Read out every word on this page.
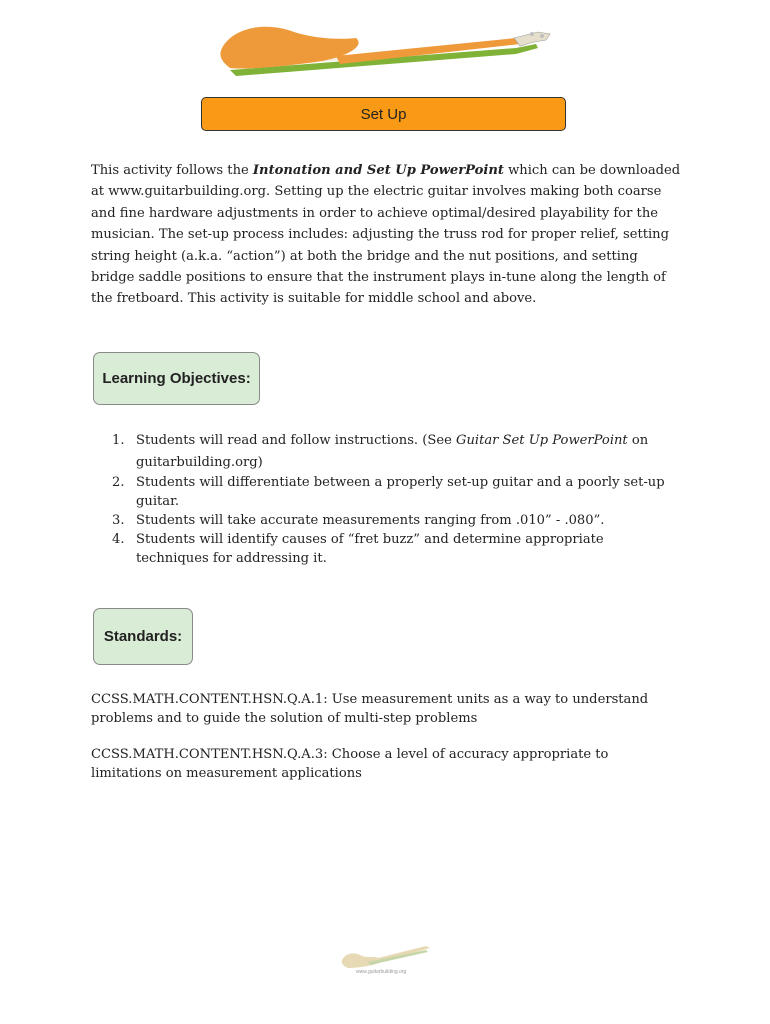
Set Up

This activity follows the Intonation and Set Up PowerPoint which can be downloaded at www.guitarbuilding.org. Setting up the electric guitar involves making both coarse and fine hardware adjustments in order to achieve optimal/desired playability for the musician. The set-up process includes: adjusting the truss rod for proper relief, setting string height (a.k.a. “action”) at both the bridge and the nut positions, and setting bridge saddle positions to ensure that the instrument plays in-tune along the length of the fretboard. This activity is suitable for middle school and above.

Learning Objectives:
1. Students will read and follow instructions. (See Guitar Set Up PowerPoint on guitarbuilding.org)
2. Students will differentiate between a properly set-up guitar and a poorly set-up guitar.
3. Students will take accurate measurements ranging from .010” - .080”.
4. Students will identify causes of “fret buzz” and determine appropriate techniques for addressing it.
Standards:

CCSS.MATH.CONTENT.HSN.Q.A.1: Use measurement units as a way to understand problems and to guide the solution of multi-step problems

CCSS.MATH.CONTENT.HSN.Q.A.3: Choose a level of accuracy appropriate to limitations on measurement applications

www.guitarbuilding.org
